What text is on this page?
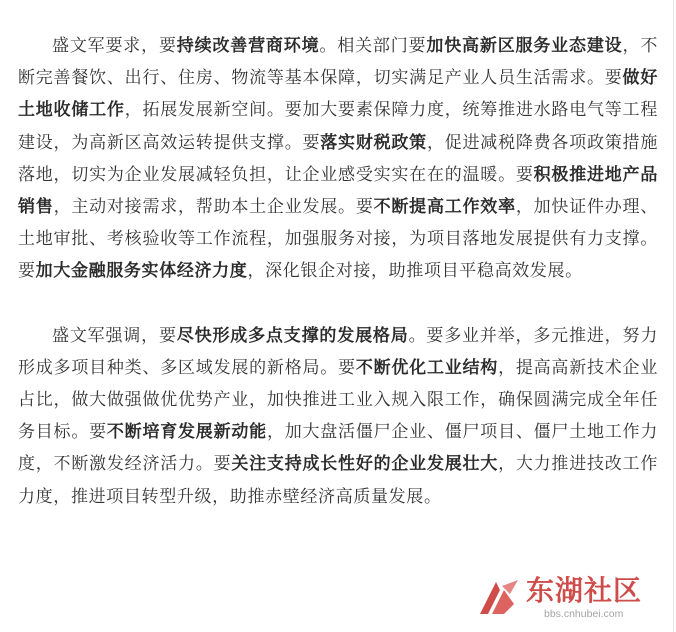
盛文军要求，要持续改善营商环境。相关部门要加快高新区服务业态建设，不断完善餐饮、出行、住房、物流等基本保障，切实满足产业人员生活需求。要做好土地收储工作，拓展发展新空间。要加大要素保障力度，统筹推进水路电气等工程建设，为高新区高效运转提供支撑。要落实财税政策，促进减税降费各项政策措施落地，切实为企业发展减轻负担，让企业感受实实在在的温暖。要积极推进地产品销售，主动对接需求，帮助本土企业发展。要不断提高工作效率，加快证件办理、土地审批、考核验收等工作流程，加强服务对接，为项目落地发展提供有力支撑。要加大金融服务实体经济力度，深化银企对接，助推项目平稳高效发展。

盛文军强调，要尽快形成多点支撑的发展格局。要多业并举，多元推进，努力形成多项目种类、多区域发展的新格局。要不断优化工业结构，提高高新技术企业占比，做大做强做优优势产业，加快推进工业入规入限工作，确保圆满完成全年任务目标。要不断培育发展新动能，加大盘活僵尸企业、僵尸项目、僵尸土地工作力度，不断激发经济活力。要关注支持成长性好的企业发展壮大，大力推进技改工作力度，推进项目转型升级，助推赤壁经济高质量发展。

东湖社区
bbs.cnhubei.com
